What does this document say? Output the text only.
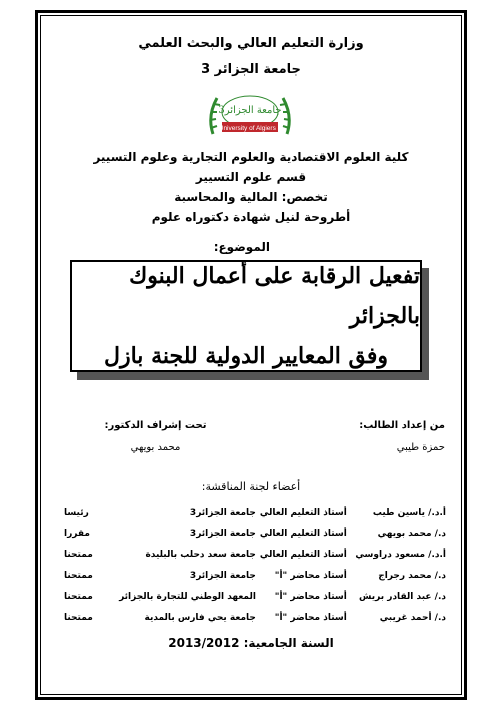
وزارة التعليم العالي والبحث العلمي
جامعة الجزائر 3
جامعة الجزائر3
University of Algiers 3
كلية العلوم الاقتصادية والعلوم التجارية وعلوم التسيير
قسم علوم التسيير
تخصص: المالية والمحاسبة
أطروحة لنيل شهادة دكتوراه علوم
الموضوع:
تفعيل الرقابة على أعمال البنوك بالجزائر
وفق المعايير الدولية للجنة بازل
من إعداد الطالب:
حمزة طيبي
تحت إشراف الدكتور:
محمد بويهي
أعضاء لجنة المناقشة:
أ.د./ ياسين طيب	أستاذ التعليم العالي	جامعة الجزائر3	رئيسا
د./ محمد بويهي	أستاذ التعليم العالي	جامعة الجزائر3	مقررا
أ.د./ مسعود دراوسي	أستاذ التعليم العالي	جامعة سعد دحلب بالبليدة	ممتحنا
د./ محمد رجراج	أستاذ محاضر "أ"	جامعة الجزائر3	ممتحنا
د./ عبد القادر بريش	أستاذ محاضر "أ"	المعهد الوطني للتجارة بالجزائر	ممتحنا
د./ أحمد غريبي	أستاذ محاضر "أ"	جامعة يحي فارس بالمدية	ممتحنا
السنة الجامعية: 2013/2012
